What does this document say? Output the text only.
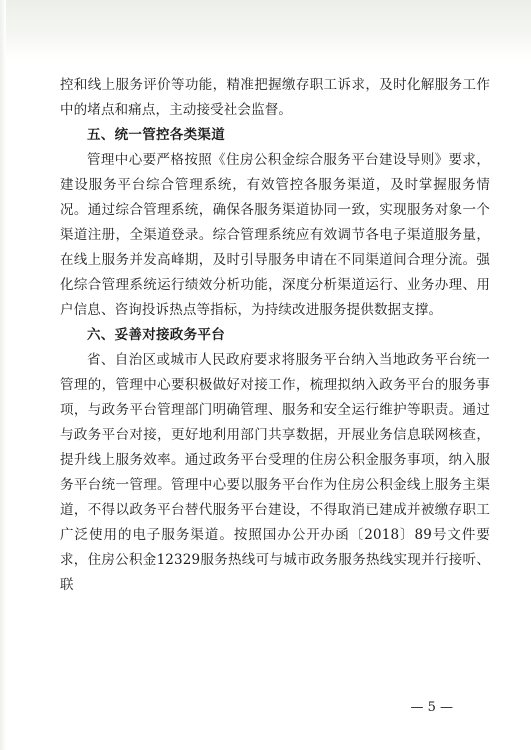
控和线上服务评价等功能，精准把握缴存职工诉求，及时化解服务工作中的堵点和痛点，主动接受社会监督。

五、统一管控各类渠道

管理中心要严格按照《住房公积金综合服务平台建设导则》要求，建设服务平台综合管理系统，有效管控各服务渠道，及时掌握服务情况。通过综合管理系统，确保各服务渠道协同一致，实现服务对象一个渠道注册，全渠道登录。综合管理系统应有效调节各电子渠道服务量，在线上服务并发高峰期，及时引导服务申请在不同渠道间合理分流。强化综合管理系统运行绩效分析功能，深度分析渠道运行、业务办理、用户信息、咨询投诉热点等指标，为持续改进服务提供数据支撑。

六、妥善对接政务平台

省、自治区或城市人民政府要求将服务平台纳入当地政务平台统一管理的，管理中心要积极做好对接工作，梳理拟纳入政务平台的服务事项，与政务平台管理部门明确管理、服务和安全运行维护等职责。通过与政务平台对接，更好地利用部门共享数据，开展业务信息联网核查，提升线上服务效率。通过政务平台受理的住房公积金服务事项，纳入服务平台统一管理。管理中心要以服务平台作为住房公积金线上服务主渠道，不得以政务平台替代服务平台建设，不得取消已建成并被缴存职工广泛使用的电子服务渠道。按照国办公开办函〔2018〕89号文件要求，住房公积金12329服务热线可与城市政务服务热线实现并行接听、联

— 5 —
